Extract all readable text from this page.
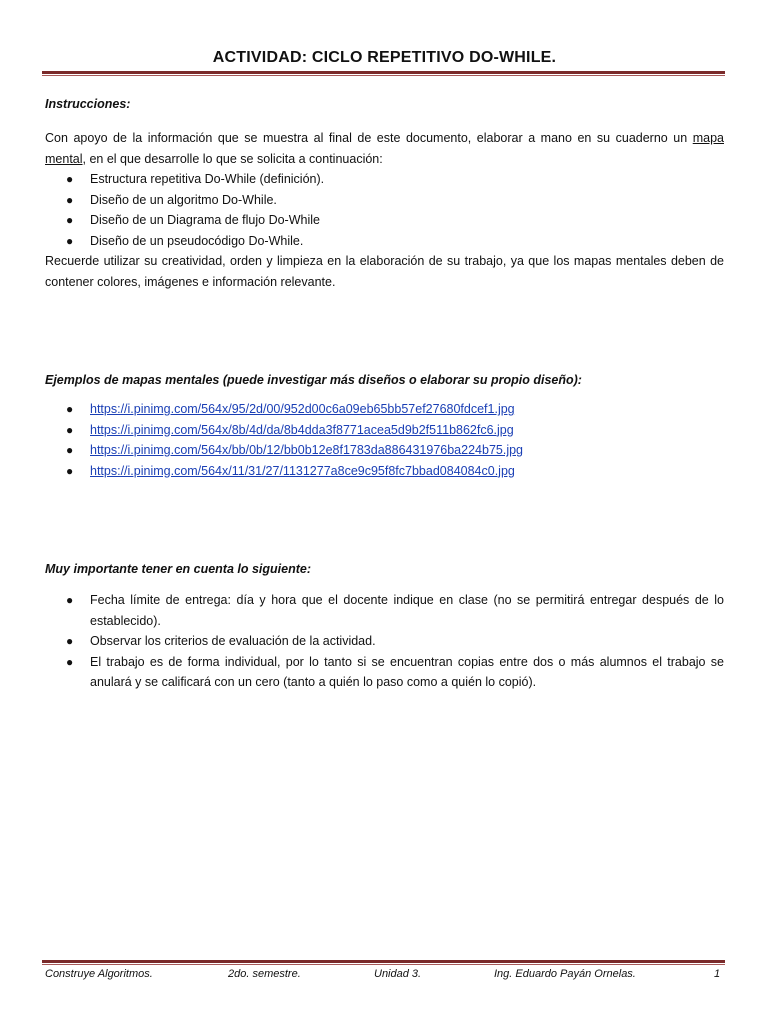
ACTIVIDAD: CICLO REPETITIVO DO-WHILE.
Instrucciones:
Con apoyo de la información que se muestra al final de este documento, elaborar a mano en su cuaderno un mapa
mental, en el que desarrolle lo que se solicita a continuación:
● Estructura repetitiva Do-While (definición).
● Diseño de un algoritmo Do-While.
● Diseño de un Diagrama de flujo Do-While
● Diseño de un pseudocódigo Do-While.
Recuerde utilizar su creatividad, orden y limpieza en la elaboración de su trabajo, ya que los mapas mentales deben de
contener colores, imágenes e información relevante.
Ejemplos de mapas mentales (puede investigar más diseños o elaborar su propio diseño):
● https://i.pinimg.com/564x/95/2d/00/952d00c6a09eb65bb57ef27680fdcef1.jpg
● https://i.pinimg.com/564x/8b/4d/da/8b4dda3f8771acea5d9b2f511b862fc6.jpg
● https://i.pinimg.com/564x/bb/0b/12/bb0b12e8f1783da886431976ba224b75.jpg
● https://i.pinimg.com/564x/11/31/27/1131277a8ce9c95f8fc7bbad084084c0.jpg
Muy importante tener en cuenta lo siguiente:
● Fecha límite de entrega: día y hora que el docente indique en clase (no se permitirá entregar después de lo
establecido).
● Observar los criterios de evaluación de la actividad.
● El trabajo es de forma individual, por lo tanto si se encuentran copias entre dos o más alumnos el trabajo se
anulará y se calificará con un cero (tanto a quién lo paso como a quién lo copió).
Construye Algoritmos.	2do. semestre.	Unidad 3.	Ing. Eduardo Payán Ornelas.	1
